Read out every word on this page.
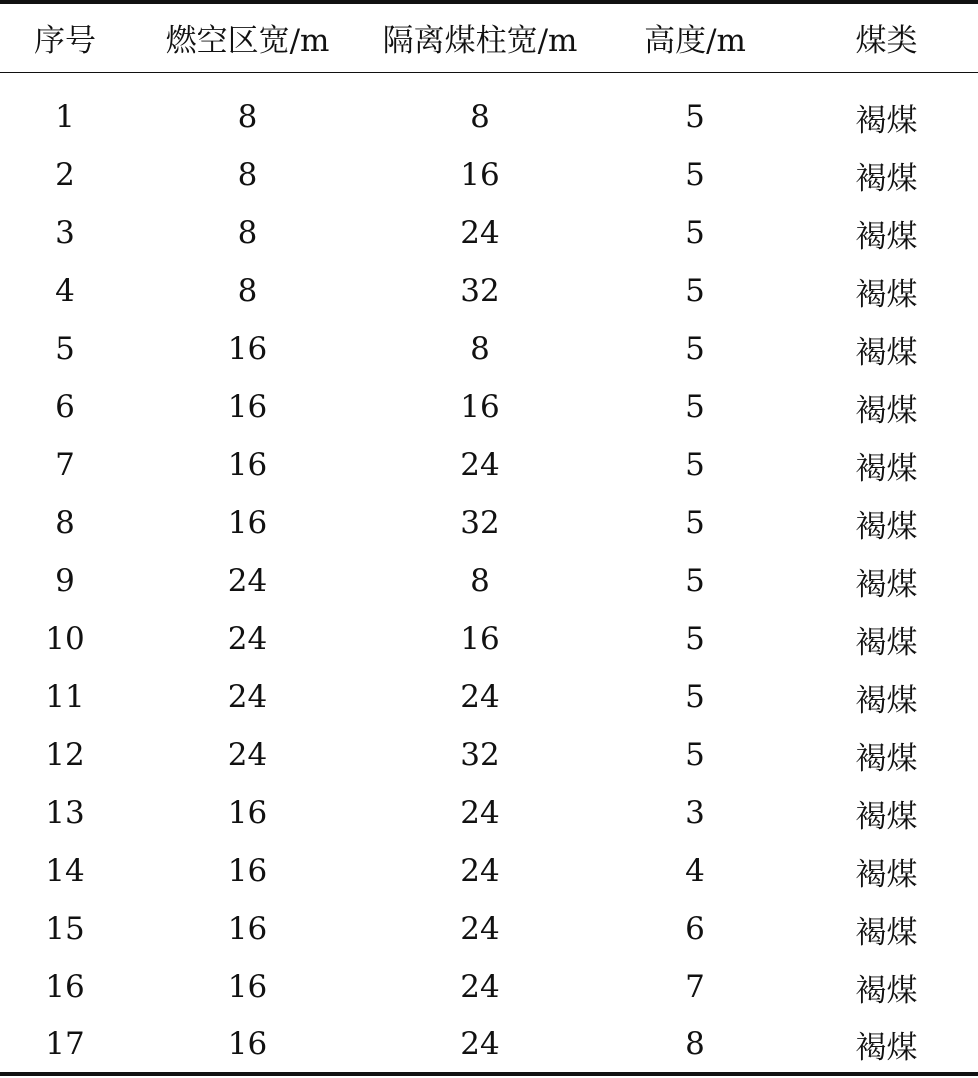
序号	燃空区宽/m	隔离煤柱宽/m	高度/m	煤类
1	8	8	5	褐煤
2	8	16	5	褐煤
3	8	24	5	褐煤
4	8	32	5	褐煤
5	16	8	5	褐煤
6	16	16	5	褐煤
7	16	24	5	褐煤
8	16	32	5	褐煤
9	24	8	5	褐煤
10	24	16	5	褐煤
11	24	24	5	褐煤
12	24	32	5	褐煤
13	16	24	3	褐煤
14	16	24	4	褐煤
15	16	24	6	褐煤
16	16	24	7	褐煤
17	16	24	8	褐煤
